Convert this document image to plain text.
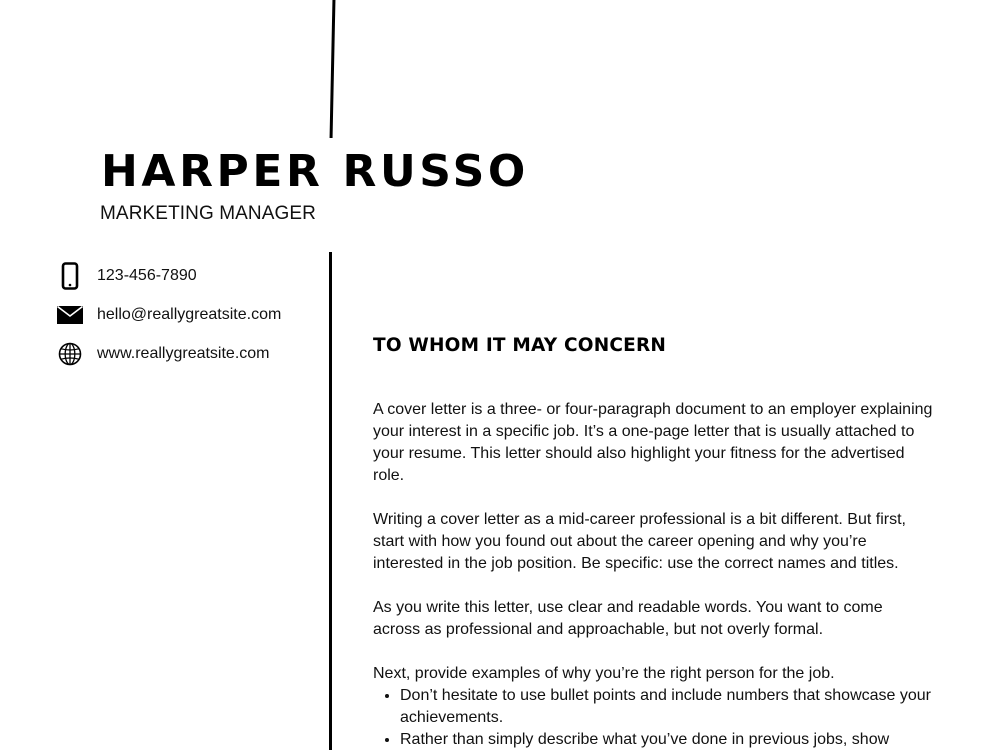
HARPER RUSSO
MARKETING MANAGER
123-456-7890
hello@reallygreatsite.com
www.reallygreatsite.com	TO WHOM IT MAY CONCERN

A cover letter is a three- or four-paragraph document to an employer explaining your interest in a specific job. It’s a one-page letter that is usually attached to your resume. This letter should also highlight your fitness for the advertised role.

Writing a cover letter as a mid-career professional is a bit different. But first, start with how you found out about the career opening and why you’re interested in the job position. Be specific: use the correct names and titles.

As you write this letter, use clear and readable words. You want to come across as professional and approachable, but not overly formal.

Next, provide examples of why you’re the right person for the job.

• Don’t hesitate to use bullet points and include numbers that showcase your achievements.
• Rather than simply describe what you’ve done in previous jobs, show
